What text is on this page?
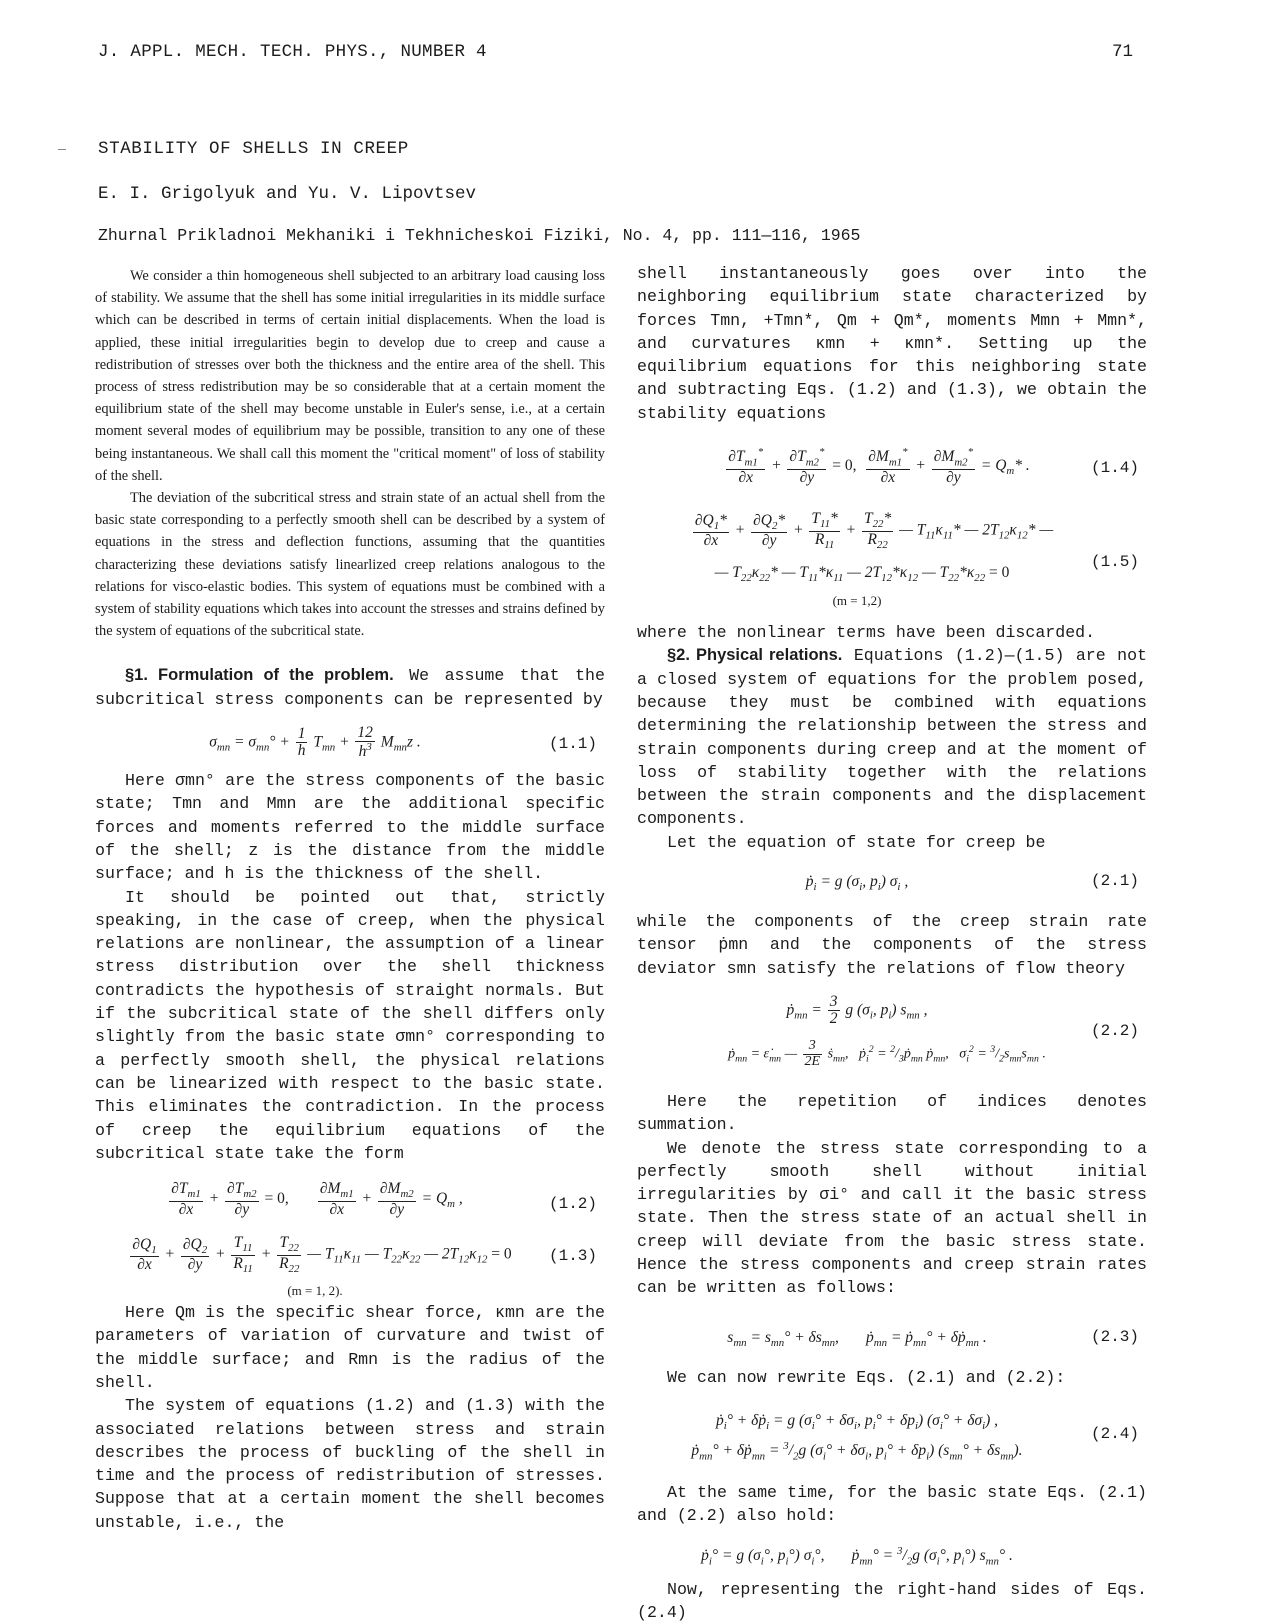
J. APPL. MECH. TECH. PHYS., NUMBER 4	71
STABILITY OF SHELLS IN CREEP
E. I. Grigolyuk and Yu. V. Lipovtsev
Zhurnal Prikladnoi Mekhaniki i Tekhnicheskoi Fiziki, No. 4, pp. 111—116, 1965

We consider a thin homogeneous shell subjected to an arbitrary load causing loss of stability. We assume that the shell has some initial irregularities in its middle surface which can be described in terms of certain initial displacements. When the load is applied, these initial irregularities begin to develop due to creep and cause a redistribution of stresses over both the thickness and the entire area of the shell. This process of stress redistribution may be so considerable that at a certain moment the equilibrium state of the shell may become unstable in Euler's sense, i.e., at a certain moment several modes of equilibrium may be possible, transition to any one of these being instantaneous. We shall call this moment the "critical moment" of loss of stability of the shell.

The deviation of the subcritical stress and strain state of an actual shell from the basic state corresponding to a perfectly smooth shell can be described by a system of equations in the stress and deflection functions, assuming that the quantities characterizing these deviations satisfy linearlized creep relations analogous to the relations for visco-elastic bodies. This system of equations must be combined with a system of stability equations which takes into account the stresses and strains defined by the system of equations of the subcritical state.

§1. Formulation of the problem. We assume that the subcritical stress components can be represented by

$\sigma_{mn} = \sigma_{mn}^\circ + \frac{1}{h} T_{mn} + \frac{12}{h^3} M_{mn}z$ .	(1.1)

Here σmn° are the stress components of the basic state; Tmn and Mmn are the additional specific forces and moments referred to the middle surface of the shell; z is the distance from the middle surface; and h is the thickness of the shell.

It should be pointed out that, strictly speaking, in the case of creep, when the physical relations are nonlinear, the assumption of a linear stress distribution over the shell thickness contradicts the hypothesis of straight normals. But if the subcritical state of the shell differs only slightly from the basic state σmn° corresponding to a perfectly smooth shell, the physical relations can be linearized with respect to the basic state. This eliminates the contradiction. In the process of creep the equilibrium equations of the subcritical state take the form

$\frac{\partial T_{m1}}{\partial x} + \frac{\partial T_{m2}}{\partial y} = 0$, $\frac{\partial M_{m1}}{\partial x} + \frac{\partial M_{m2}}{\partial y} = Q_m$ ,	(1.2)
$\frac{\partial Q_1}{\partial x} + \frac{\partial Q_2}{\partial y} + \frac{T_{11}}{R_{11}} + \frac{T_{22}}{R_{22}}$ — $T_{11}\kappa_{11}$ — $T_{22}\kappa_{22}$ — $2T_{12}\kappa_{12} = 0$	(1.3)
(m = 1, 2).

Here Qm is the specific shear force, κmn are the parameters of variation of curvature and twist of the middle surface; and Rmn is the radius of the shell.

The system of equations (1.2) and (1.3) with the associated relations between stress and strain describes the process of buckling of the shell in time and the process of redistribution of stresses. Suppose that at a certain moment the shell becomes unstable, i.e., the

shell instantaneously goes over into the neighboring equilibrium state characterized by forces Tmn, +Tmn*, Qm + Qm*, moments Mmn + Mmn*, and curvatures κmn + κmn*. Setting up the equilibrium equations for this neighboring state and subtracting Eqs. (1.2) and (1.3), we obtain the stability equations

$\frac{\partial T_{m1}^*}{\partial x} + \frac{\partial T_{m2}^*}{\partial y} = 0$, $\frac{\partial M_{m1}^*}{\partial x} + \frac{\partial M_{m2}^*}{\partial y} = Q_m*$ .	(1.4)
$\frac{\partial Q_1*}{\partial x} + \frac{\partial Q_2*}{\partial y} + \frac{T_{11}*}{R_{11}} + \frac{T_{22}*}{R_{22}}$ — $T_{11}\kappa_{11}*$ — $2T_{12}\kappa_{12}*$ —
— $T_{22}\kappa_{22}*$ — $T_{11}*\kappa_{11}$ — $2T_{12}*\kappa_{12}$ — $T_{22}*\kappa_{22} = 0$
(1.5)
(m = 1,2)

where the nonlinear terms have been discarded.

§2. Physical relations. Equations (1.2)—(1.5) are not a closed system of equations for the problem posed, because they must be combined with equations determining the relationship between the stress and strain components during creep and at the moment of loss of stability together with the relations between the strain components and the displacement components.

Let the equation of state for creep be

ṗ$_i$ = g ($\sigma_i$, $p_i$) $\sigma_i$ ,	(2.1)

while the components of the creep strain rate tensor ṗmn and the components of the stress deviator smn satisfy the relations of flow theory

ṗ$_{mn}$ = $\frac{3}{2}$ g ($\sigma_i$, $p_i$) $s_{mn}$ ,
ṗ$_{mn}$ = $\varepsiloṅ_{mn}$ — $\frac{3}{2E}$ ṡ$_{mn}$,   ṗ$_i^2$ = $^2/_3ṗ_{mn}$ ṗ$_{mn}$,   $\sigma_i^2 = ^3/_2s_{mn}s_{mn}$ .
(2.2)

Here the repetition of indices denotes summation.

We denote the stress state corresponding to a perfectly smooth shell without initial irregularities by σi° and call it the basic stress state. Then the stress state of an actual shell in creep will deviate from the basic stress state. Hence the stress components and creep strain rates can be written as follows:

$s_{mn} = s_{mn}^\circ + \delta s_{mn}$,       ṗ$_{mn}$ = ṗ$_{mn}$° + δṗ$_{mn}$ .	(2.3)

We can now rewrite Eqs. (2.1) and (2.2):

ṗ$_i$° + δṗ$_i$ = g ($\sigma_i^\circ + \delta\sigma_i$, $p_i^\circ + \delta p_i$) $(\sigma_i^\circ + \delta\sigma_i)$ ,
ṗ$_{mn}$° + δṗ$_{mn}$ = $^3/_2g$ ($\sigma_i^\circ + \delta\sigma_i$, $p_i^\circ + \delta p_i$) $(s_{mn}^\circ + \delta s_{mn})$.
(2.4)

At the same time, for the basic state Eqs. (2.1) and (2.2) also hold:

ṗ$_i$° = g ($\sigma_i^\circ$, $p_i^\circ$) $\sigma_i^\circ$,       ṗ$_{mn}$° = $^3/_2g$ ($\sigma_i^\circ$, $p_i^\circ$) $s_{mn}^\circ$ .

Now, representing the right-hand sides of Eqs. (2.4)
